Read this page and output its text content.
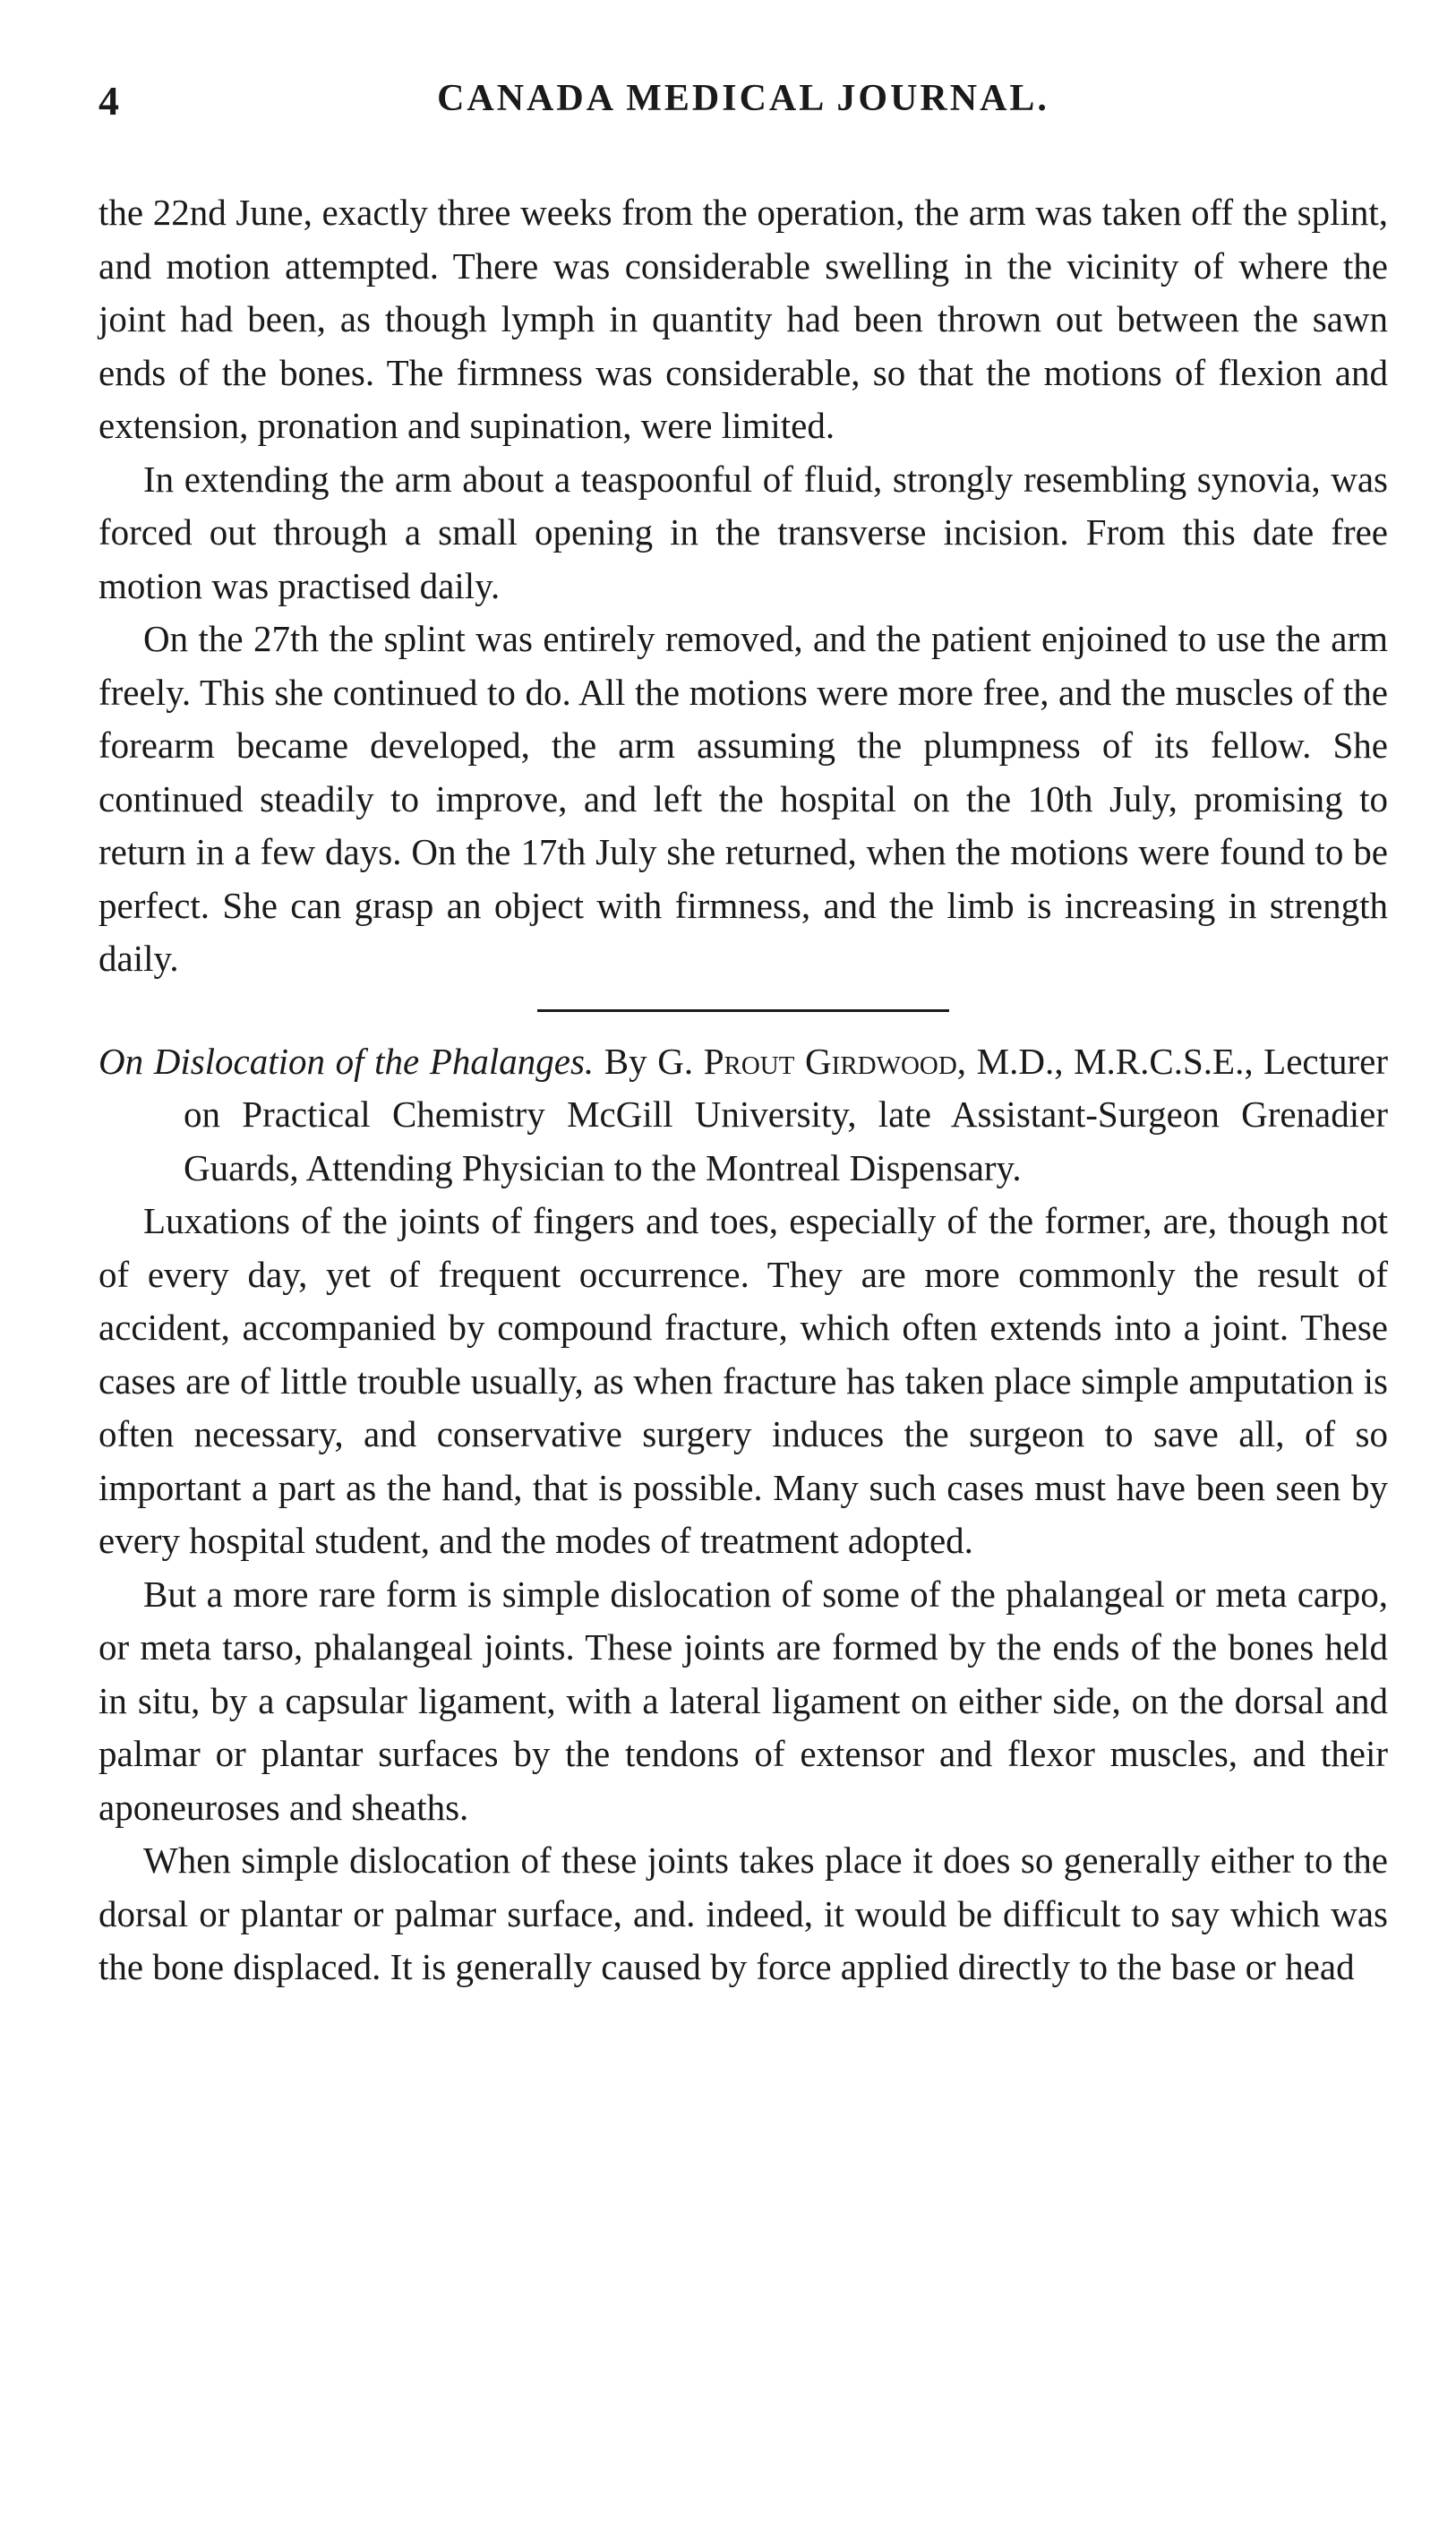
4	CANADA MEDICAL JOURNAL.

the 22nd June, exactly three weeks from the operation, the arm was taken off the splint, and motion attempted. There was considerable swelling in the vicinity of where the joint had been, as though lymph in quantity had been thrown out between the sawn ends of the bones. The firmness was considerable, so that the motions of flexion and extension, pronation and supination, were limited.

In extending the arm about a teaspoonful of fluid, strongly resembling synovia, was forced out through a small opening in the transverse incision. From this date free motion was practised daily.

On the 27th the splint was entirely removed, and the patient enjoined to use the arm freely. This she continued to do. All the motions were more free, and the muscles of the forearm became developed, the arm assuming the plumpness of its fellow. She continued steadily to improve, and left the hospital on the 10th July, promising to return in a few days. On the 17th July she returned, when the motions were found to be perfect. She can grasp an object with firmness, and the limb is increasing in strength daily.

On Dislocation of the Phalanges. By G. Prout Girdwood, M.D., M.R.C.S.E., Lecturer on Practical Chemistry McGill University, late Assistant-Surgeon Grenadier Guards, Attending Physician to the Montreal Dispensary.

Luxations of the joints of fingers and toes, especially of the former, are, though not of every day, yet of frequent occurrence. They are more commonly the result of accident, accompanied by compound fracture, which often extends into a joint. These cases are of little trouble usually, as when fracture has taken place simple amputation is often necessary, and conservative surgery induces the surgeon to save all, of so important a part as the hand, that is possible. Many such cases must have been seen by every hospital student, and the modes of treatment adopted.

But a more rare form is simple dislocation of some of the phalangeal or meta carpo, or meta tarso, phalangeal joints. These joints are formed by the ends of the bones held in situ, by a capsular ligament, with a lateral ligament on either side, on the dorsal and palmar or plantar surfaces by the tendons of extensor and flexor muscles, and their aponeuroses and sheaths.

When simple dislocation of these joints takes place it does so generally either to the dorsal or plantar or palmar surface, and. indeed, it would be difficult to say which was the bone displaced. It is generally caused by force applied directly to the base or head
